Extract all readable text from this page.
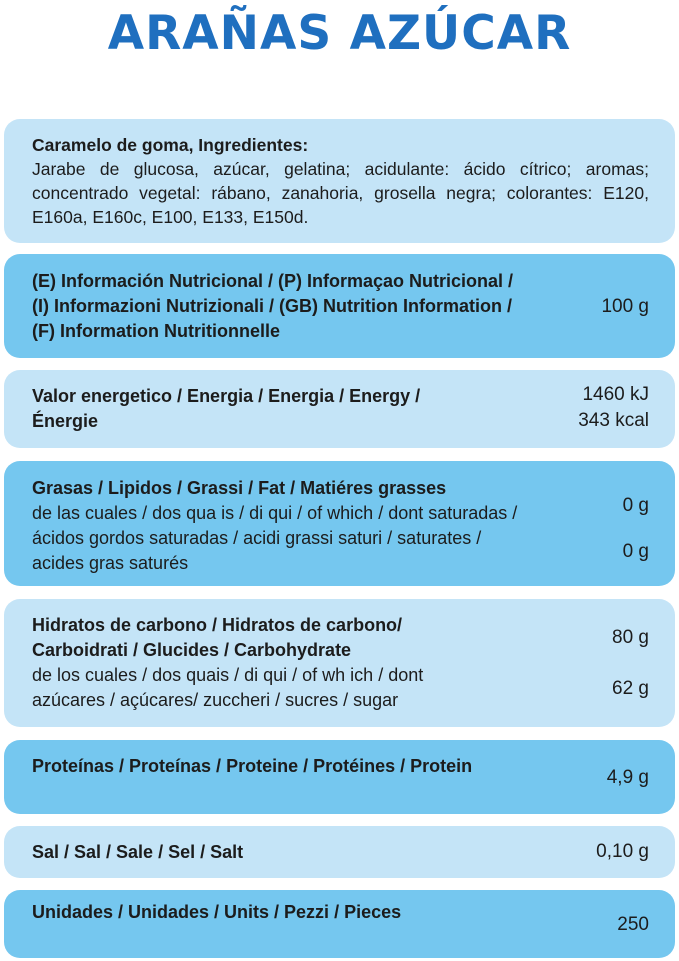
ARAÑAS AZÚCAR
Caramelo de goma, Ingredientes:
Jarabe de glucosa, azúcar, gelatina; acidulante: ácido cítrico; aromas; concentrado vegetal: rábano, zanahoria, grosella negra; colorantes: E120, E160a, E160c, E100, E133, E150d.
(E) Información Nutricional / (P) Informaçao Nutricional / (I) Informazioni Nutrizionali / (GB) Nutrition Information / (F) Information Nutritionnelle
100 g
Valor energetico / Energia / Energia / Energy / Énergie
1460 kJ
343 kcal
Grasas / Lipidos / Grassi / Fat / Matiéres grasses
de las cuales / dos qua is / di qui / of which / dont saturadas / ácidos gordos saturadas / acidi grassi saturi / saturates / acides gras saturés
0 g
0 g
Hidratos de carbono / Hidratos de carbono/ Carboidrati / Glucides / Carbohydrate
de los cuales / dos quais / di qui / of wh ich / dont azúcares / açúcares/ zuccheri / sucres / sugar
80 g
62 g
Proteínas / Proteínas / Proteine / Protéines / Protein
4,9 g
Sal / Sal / Sale / Sel / Salt	0,10 g
Unidades / Unidades / Units / Pezzi / Pieces
250
